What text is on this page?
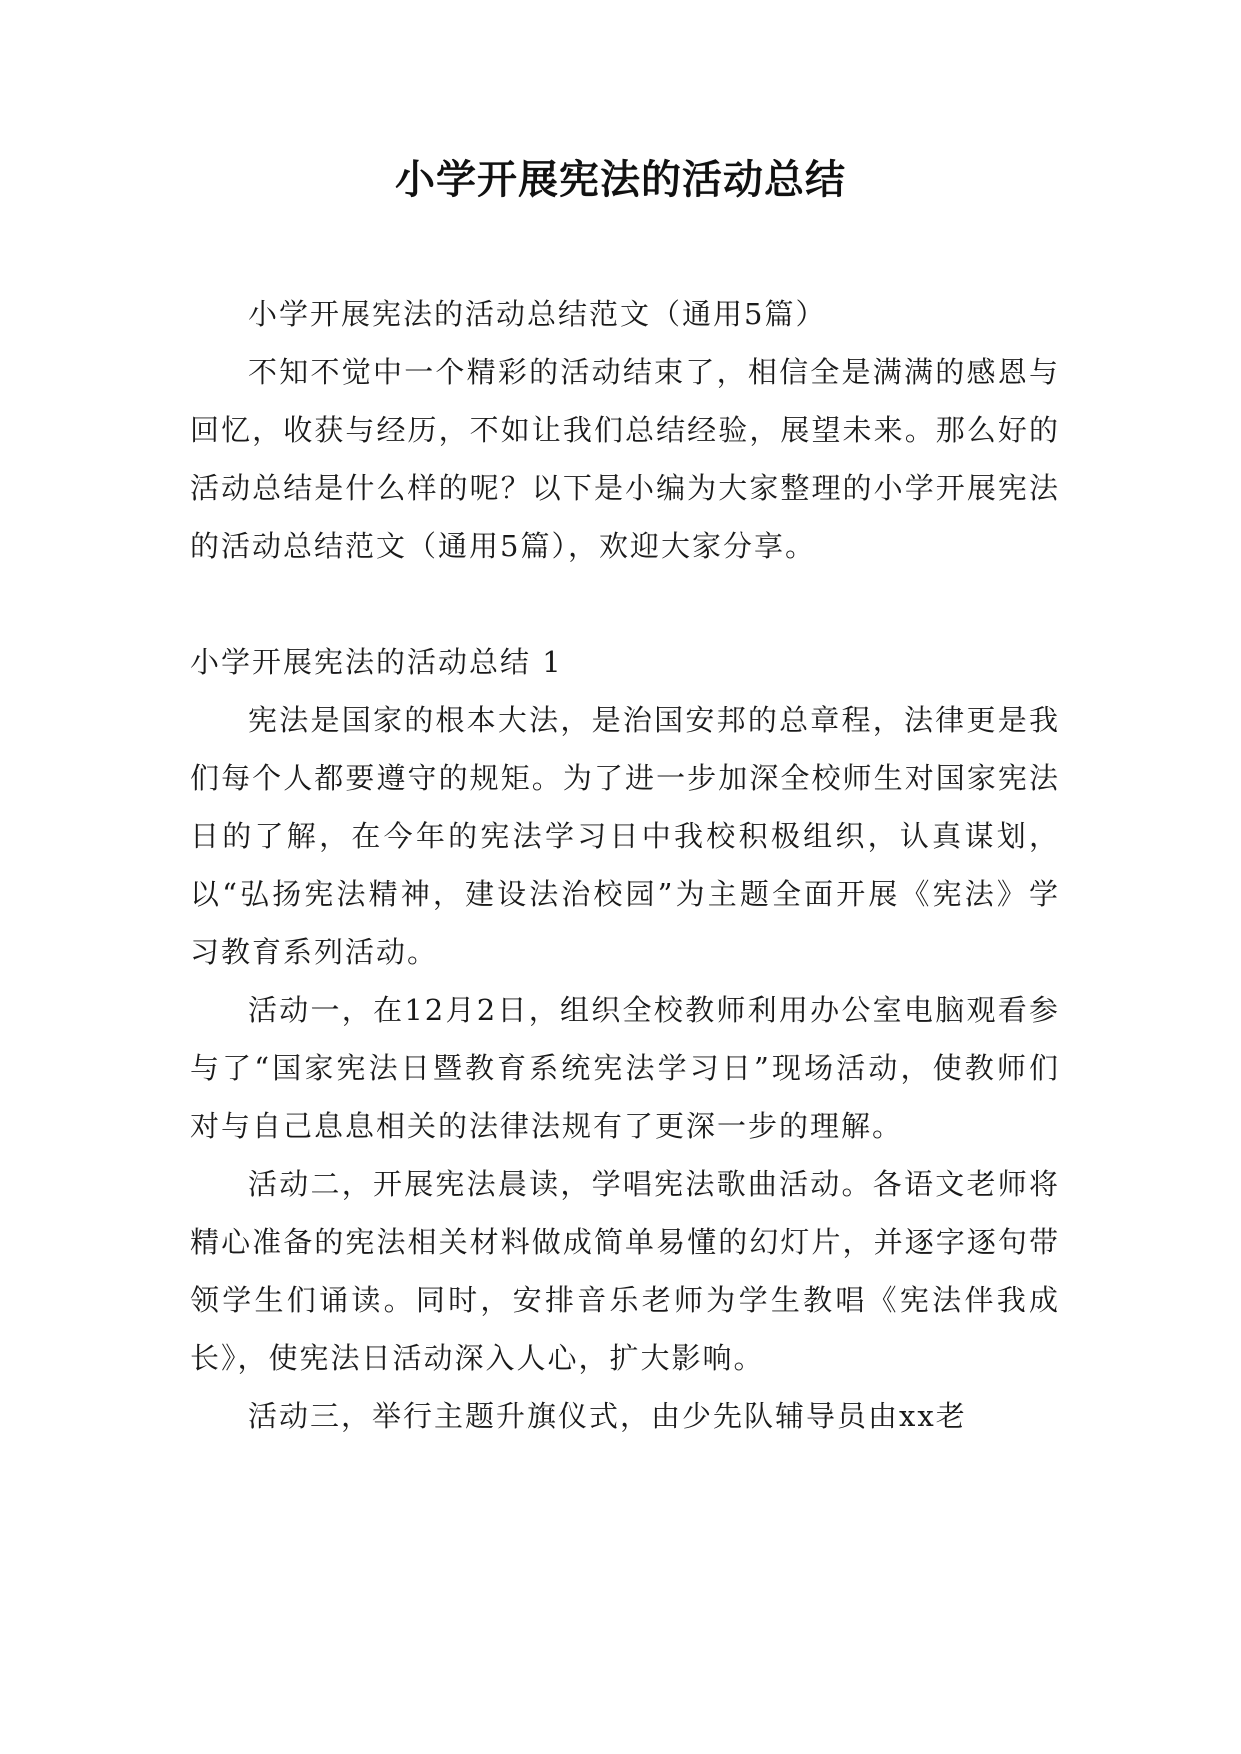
小学开展宪法的活动总结

小学开展宪法的活动总结范文（通用5篇）

不知不觉中一个精彩的活动结束了，相信全是满满的感恩与回忆，收获与经历，不如让我们总结经验，展望未来。那么好的活动总结是什么样的呢？以下是小编为大家整理的小学开展宪法的活动总结范文（通用5篇），欢迎大家分享。

小学开展宪法的活动总结 1

宪法是国家的根本大法，是治国安邦的总章程，法律更是我们每个人都要遵守的规矩。为了进一步加深全校师生对国家宪法日的了解，在今年的宪法学习日中我校积极组织，认真谋划，以“弘扬宪法精神，建设法治校园”为主题全面开展《宪法》学习教育系列活动。

活动一，在12月2日，组织全校教师利用办公室电脑观看参与了“国家宪法日暨教育系统宪法学习日”现场活动，使教师们对与自己息息相关的法律法规有了更深一步的理解。

活动二，开展宪法晨读，学唱宪法歌曲活动。各语文老师将精心准备的宪法相关材料做成简单易懂的幻灯片，并逐字逐句带领学生们诵读。同时，安排音乐老师为学生教唱《宪法伴我成长》，使宪法日活动深入人心，扩大影响。

活动三，举行主题升旗仪式，由少先队辅导员由xx老
